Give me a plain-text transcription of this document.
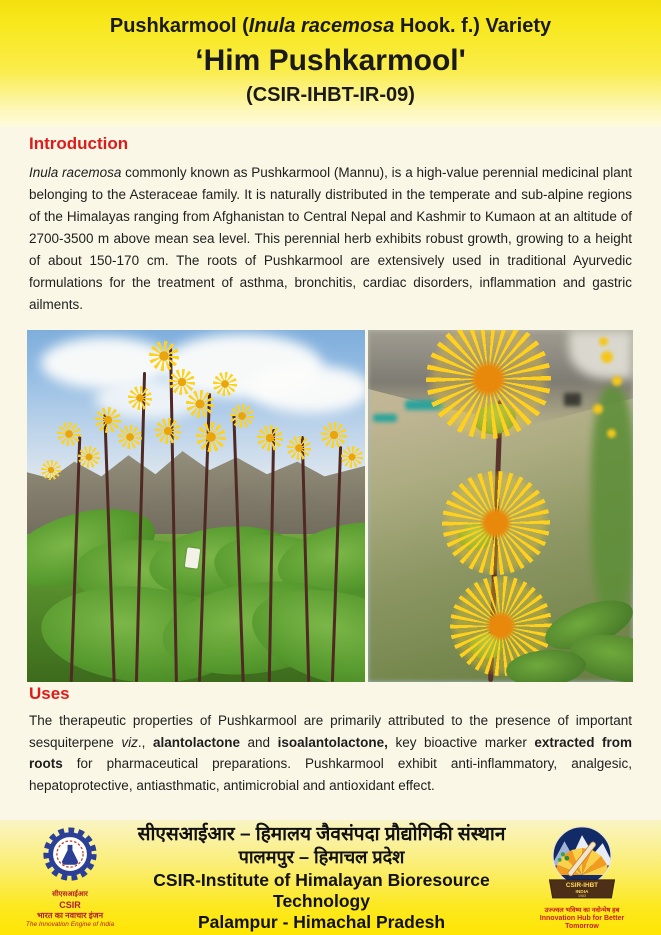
Pushkarmool (Inula racemosa Hook. f.) Variety
‘Him Pushkarmool'
(CSIR-IHBT-IR-09)
Introduction

Inula racemosa commonly known as Pushkarmool (Mannu), is a high-value perennial medicinal plant belonging to the Asteraceae family. It is naturally distributed in the temperate and sub-alpine regions of the Himalayas ranging from Afghanistan to Central Nepal and Kashmir to Kumaon at an altitude of 2700-3500 m above mean sea level. This perennial herb exhibits robust growth, growing to a height of about 150-170 cm. The roots of Pushkarmool are extensively used in traditional Ayurvedic formulations for the treatment of asthma, bronchitis, cardiac disorders, inflammation and gastric ailments.

Uses

The therapeutic properties of Pushkarmool are primarily attributed to the presence of important sesquiterpene viz., alantolactone and isoalantolactone, key bioactive marker extracted from roots for pharmaceutical preparations. Pushkarmool exhibit anti-inflammatory, analgesic, hepatoprotective, antiasthmatic, antimicrobial and antioxidant effect.

सीएसआईआर
CSIR
भारत का नवाचार इंजन
The Innovation Engine of India
सीएसआईआर – हिमालय जैवसंपदा प्रौद्योगिकी संस्थान
पालमपुर – हिमाचल प्रदेश
CSIR-Institute of Himalayan Bioresource Technology
Palampur - Himachal Pradesh
CSIR-IHBT
INDIA
1983
उज्ज्वल भविष्य का नवोन्मेष हब
Innovation Hub for Better Tomorrow
